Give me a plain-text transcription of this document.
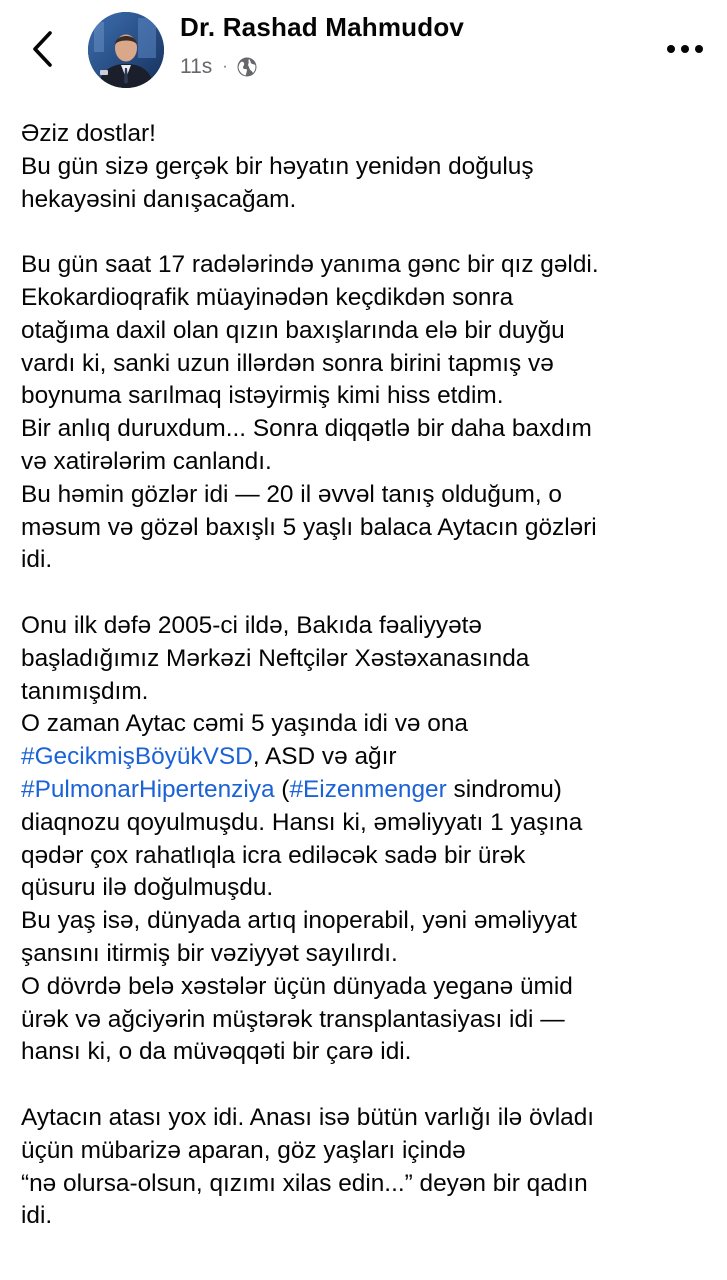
Dr. Rashad Mahmudov
11s ·

Əziz dostlar!
Bu gün sizə gerçək bir həyatın yenidən doğuluş
hekayəsini danışacağam.

Bu gün saat 17 radələrində yanıma gənc bir qız gəldi.
Ekokardioqrafik müayinədən keçdikdən sonra
otağıma daxil olan qızın baxışlarında elə bir duyğu
vardı ki, sanki uzun illərdən sonra birini tapmış və
boynuma sarılmaq istəyirmiş kimi hiss etdim.
Bir anlıq duruxdum... Sonra diqqətlə bir daha baxdım
və xatirələrim canlandı.
Bu həmin gözlər idi — 20 il əvvəl tanış olduğum, o
məsum və gözəl baxışlı 5 yaşlı balaca Aytacın gözləri
idi.

Onu ilk dəfə 2005-ci ildə, Bakıda fəaliyyətə
başladığımız Mərkəzi Neftçilər Xəstəxanasında
tanımışdım.
O zaman Aytac cəmi 5 yaşında idi və ona
#GecikmişBöyükVSD, ASD və ağır
#PulmonarHipertenziya (#Eizenmenger sindromu)
diaqnozu qoyulmuşdu. Hansı ki, əməliyyatı 1 yaşına
qədər çox rahatlıqla icra ediləcək sadə bir ürək
qüsuru ilə doğulmuşdu.
Bu yaş isə, dünyada artıq inoperabil, yəni əməliyyat
şansını itirmiş bir vəziyyət sayılırdı.
O dövrdə belə xəstələr üçün dünyada yeganə ümid
ürək və ağciyərin müştərək transplantasiyası idi —
hansı ki, o da müvəqqəti bir çarə idi.

Aytacın atası yox idi. Anası isə bütün varlığı ilə övladı
üçün mübarizə aparan, göz yaşları içində
“nə olursa-olsun, qızımı xilas edin...” deyən bir qadın
idi.
